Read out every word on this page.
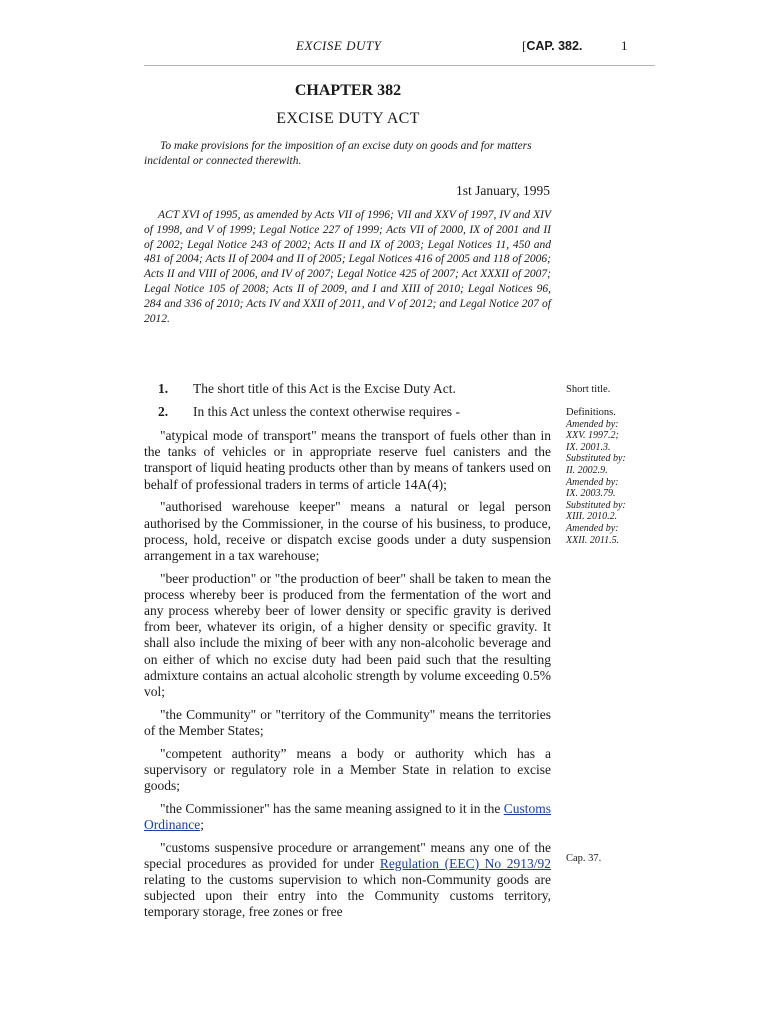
EXCISE DUTY	[CAP. 382.	1
CHAPTER 382
EXCISE DUTY ACT
To make provisions for the imposition of an excise duty on goods and for matters incidental or connected therewith.
1st January, 1995
ACT XVI of 1995, as amended by Acts VII of 1996; VII and XXV of 1997, IV and XIV of 1998, and V of 1999; Legal Notice 227 of 1999; Acts VII of 2000, IX of 2001 and II of 2002; Legal Notice 243 of 2002; Acts II and IX of 2003; Legal Notices 11, 450 and 481 of 2004; Acts II of 2004 and II of 2005; Legal Notices 416 of 2005 and 118 of 2006; Acts II and VIII of 2006, and IV of 2007; Legal Notice 425 of 2007; Act XXXII of 2007; Legal Notice 105 of 2008; Acts II of 2009, and I and XIII of 2010; Legal Notices 96, 284 and 336 of 2010; Acts IV and XXII of 2011, and V of 2012; and Legal Notice 207 of 2012.
1. The short title of this Act is the Excise Duty Act.
2. In this Act unless the context otherwise requires -

"atypical mode of transport" means the transport of fuels other than in the tanks of vehicles or in appropriate reserve fuel canisters and the transport of liquid heating products other than by means of tankers used on behalf of professional traders in terms of article 14A(4);

"authorised warehouse keeper" means a natural or legal person authorised by the Commissioner, in the course of his business, to produce, process, hold, receive or dispatch excise goods under a duty suspension arrangement in a tax warehouse;

"beer production" or "the production of beer" shall be taken to mean the process whereby beer is produced from the fermentation of the wort and any process whereby beer of lower density or specific gravity is derived from beer, whatever its origin, of a higher density or specific gravity. It shall also include the mixing of beer with any non-alcoholic beverage and on either of which no excise duty had been paid such that the resulting admixture contains an actual alcoholic strength by volume exceeding 0.5% vol;

"the Community" or "territory of the Community" means the territories of the Member States;

"competent authority” means a body or authority which has a supervisory or regulatory role in a Member State in relation to excise goods;

"the Commissioner" has the same meaning assigned to it in the Customs Ordinance;

"customs suspensive procedure or arrangement" means any one of the special procedures as provided for under Regulation (EEC) No 2913/92 relating to the customs supervision to which non-Community goods are subjected upon their entry into the Community customs territory, temporary storage, free zones or free

Short title.
Definitions.
Amended by:
XXV. 1997.2;
IX. 2001.3.
Substituted by:
II. 2002.9.
Amended by:
IX. 2003.79.
Substituted by:
XIII. 2010.2.
Amended by:
XXII. 2011.5.
Cap. 37.
